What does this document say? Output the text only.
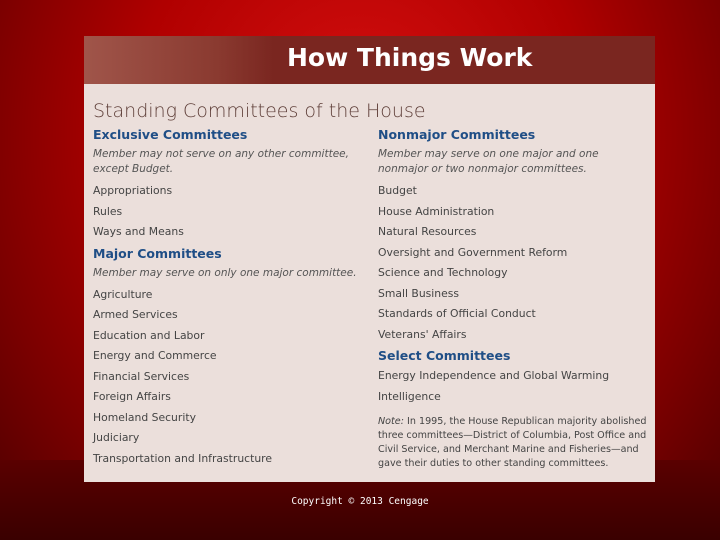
How Things Work
Standing Committees of the House
Exclusive Committees
Member may not serve on any other committee, except Budget.
Appropriations
Rules
Ways and Means
Major Committees
Member may serve on only one major committee.
Agriculture
Armed Services
Education and Labor
Energy and Commerce
Financial Services
Foreign Affairs
Homeland Security
Judiciary
Transportation and Infrastructure
Nonmajor Committees
Member may serve on one major and one nonmajor or two nonmajor committees.
Budget
House Administration
Natural Resources
Oversight and Government Reform
Science and Technology
Small Business
Standards of Official Conduct
Veterans' Affairs
Select Committees
Energy Independence and Global Warming
Intelligence
Note: In 1995, the House Republican majority abolished three committees—District of Columbia, Post Office and Civil Service, and Merchant Marine and Fisheries—and gave their duties to other standing committees.
Copyright © 2013 Cengage
